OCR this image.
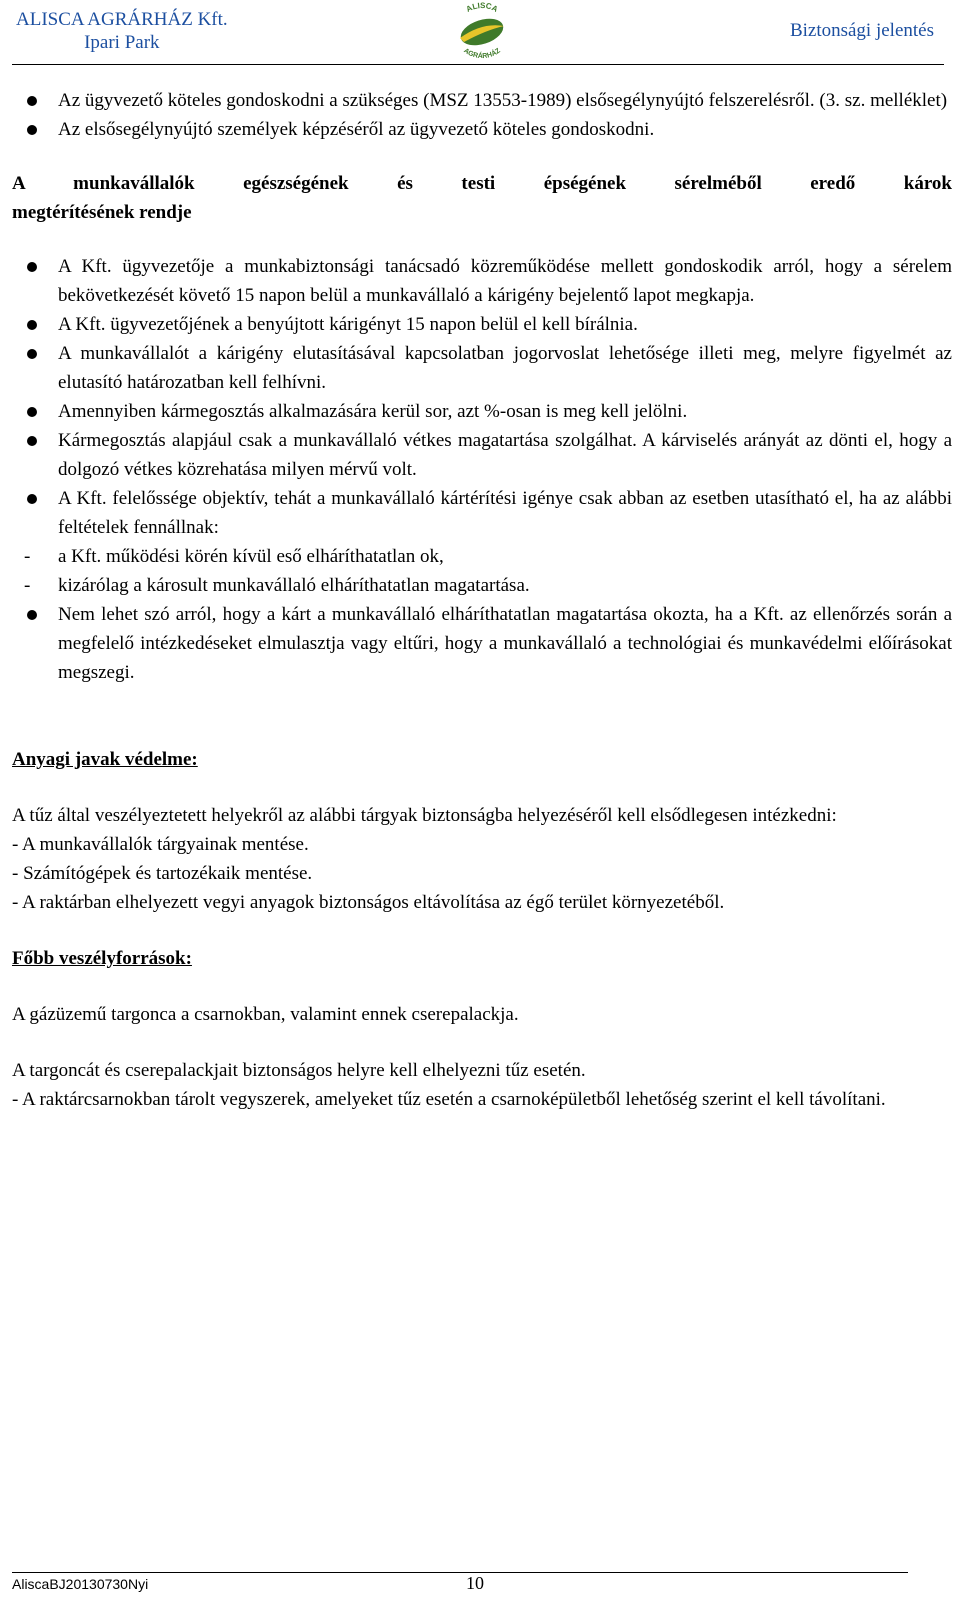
ALISCA AGRÁRHÁZ Kft.
Ipari Park
ALISCA
AGRÁRHÁZ
Biztonsági jelentés
Az ügyvezető köteles gondoskodni a szükséges (MSZ 13553-1989) elsősegélynyújtó felszerelésről. (3. sz. melléklet)
Az elsősegélynyújtó személyek képzéséről az ügyvezető köteles gondoskodni.
A munkavállalók egészségének és testi épségének sérelméből eredő károk
megtérítésének rendje
A Kft. ügyvezetője a munkabiztonsági tanácsadó közreműködése mellett gondoskodik arról, hogy a sérelem bekövetkezését követő 15 napon belül a munkavállaló a kárigény bejelentő lapot megkapja.
A Kft. ügyvezetőjének a benyújtott kárigényt 15 napon belül el kell bírálnia.
A munkavállalót a kárigény elutasításával kapcsolatban jogorvoslat lehetősége illeti meg, melyre figyelmét az elutasító határozatban kell felhívni.
Amennyiben kármegosztás alkalmazására kerül sor, azt %-osan is meg kell jelölni.
Kármegosztás alapjául csak a munkavállaló vétkes magatartása szolgálhat. A kárviselés arányát az dönti el, hogy a dolgozó vétkes közrehatása milyen mérvű volt.
A Kft. felelőssége objektív, tehát a munkavállaló kártérítési igénye csak abban az esetben utasítható el, ha az alábbi feltételek fennállnak:
- a Kft. működési körén kívül eső elháríthatatlan ok,
- kizárólag a károsult munkavállaló elháríthatatlan magatartása.
Nem lehet szó arról, hogy a kárt a munkavállaló elháríthatatlan magatartása okozta, ha a Kft. az ellenőrzés során a megfelelő intézkedéseket elmulasztja vagy eltűri, hogy a munkavállaló a technológiai és munkavédelmi előírásokat megszegi.
Anyagi javak védelme:

A tűz által veszélyeztetett helyekről az alábbi tárgyak biztonságba helyezéséről kell elsődlegesen intézkedni:

- A munkavállalók tárgyainak mentése.
- Számítógépek és tartozékaik mentése.
- A raktárban elhelyezett vegyi anyagok biztonságos eltávolítása az égő terület környezetéből.
Főbb veszélyforrások:

A gázüzemű targonca a csarnokban, valamint ennek cserepalackja.

A targoncát és cserepalackjait biztonságos helyre kell elhelyezni tűz esetén.

- A raktárcsarnokban tárolt vegyszerek, amelyeket tűz esetén a csarnoképületből lehetőség szerint el kell távolítani.

AliscaBJ20130730Nyi	10
